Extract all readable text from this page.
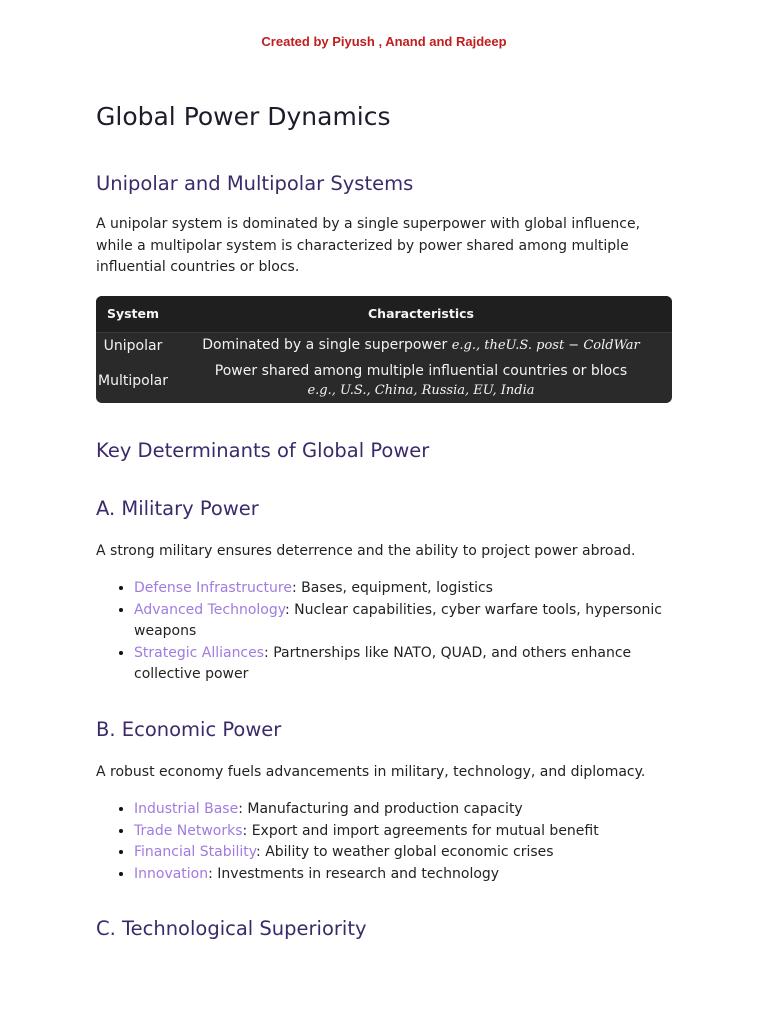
Created by Piyush , Anand and Rajdeep
Global Power Dynamics
Unipolar and Multipolar Systems

A unipolar system is dominated by a single superpower with global influence, while a multipolar system is characterized by power shared among multiple influential countries or blocs.

System	Characteristics
Unipolar	Dominated by a single superpower e.g., theU.S. post − ColdWar
Multipolar	Power shared among multiple influential countries or blocs
e.g., U.S., China, Russia, EU, India
Key Determinants of Global Power
A. Military Power

A strong military ensures deterrence and the ability to project power abroad.

• Defense Infrastructure: Bases, equipment, logistics
• Advanced Technology: Nuclear capabilities, cyber warfare tools, hypersonic weapons
• Strategic Alliances: Partnerships like NATO, QUAD, and others enhance collective power
B. Economic Power

A robust economy fuels advancements in military, technology, and diplomacy.

• Industrial Base: Manufacturing and production capacity
• Trade Networks: Export and import agreements for mutual benefit
• Financial Stability: Ability to weather global economic crises
• Innovation: Investments in research and technology
C. Technological Superiority
